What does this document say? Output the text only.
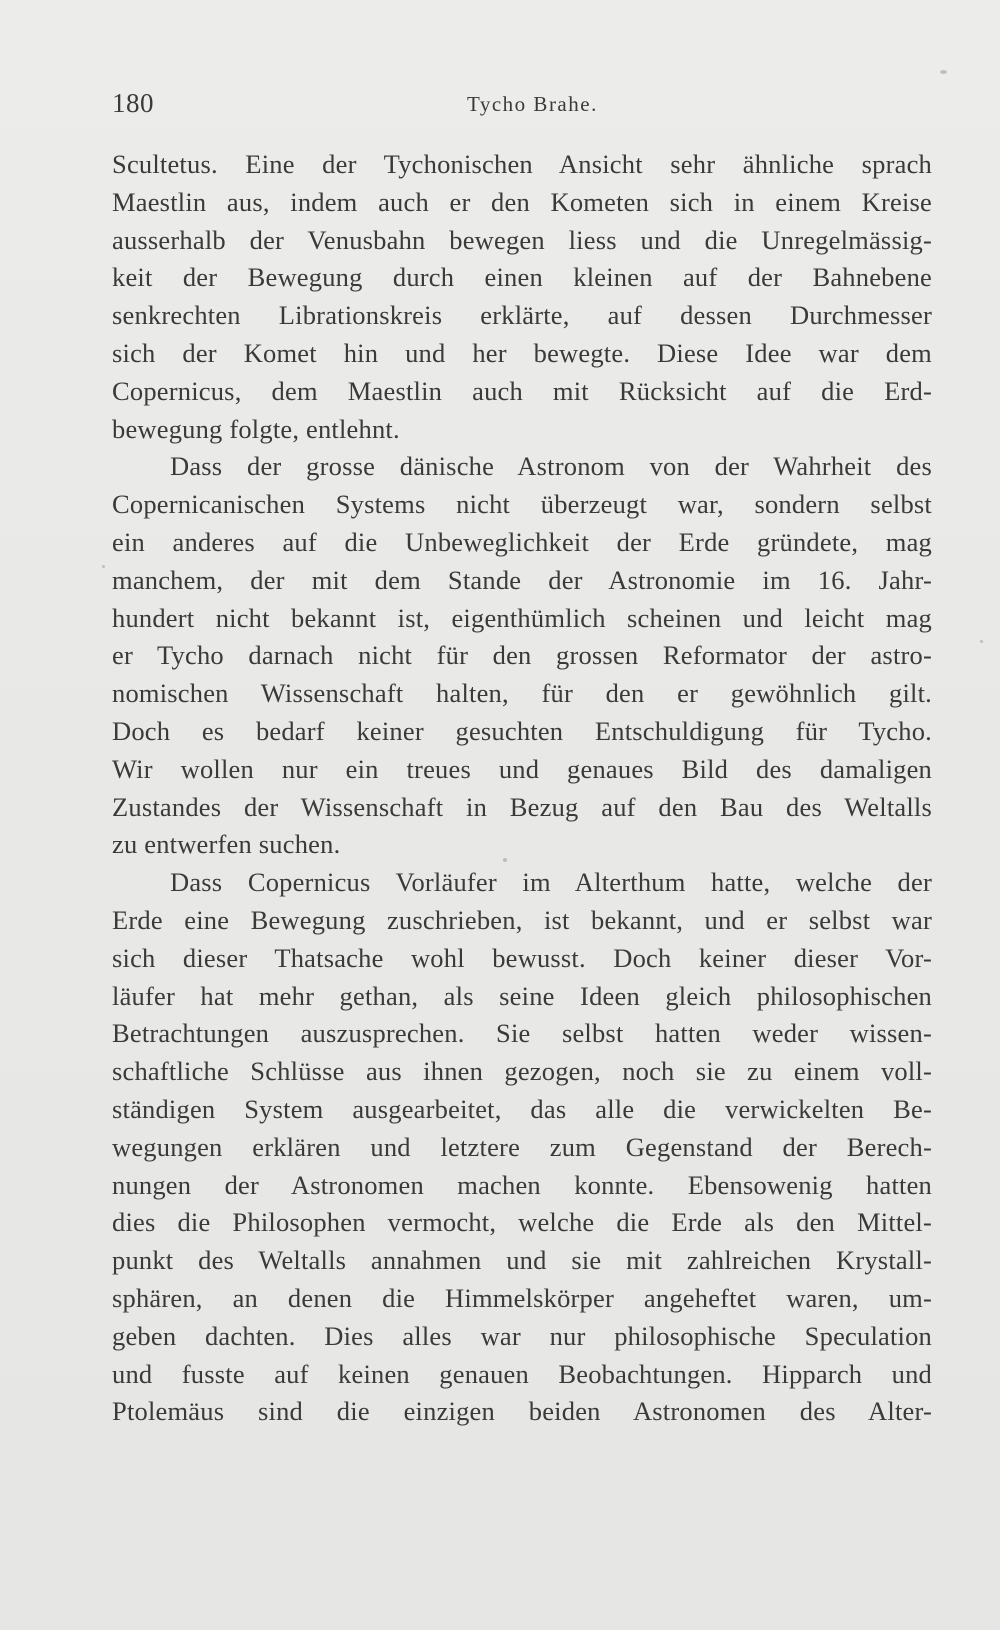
180	Tycho Brahe.
Scultetus. Eine der Tychonischen Ansicht sehr ähnliche sprach
Maestlin aus, indem auch er den Kometen sich in einem Kreise
ausserhalb der Venusbahn bewegen liess und die Unregelmässig-
keit der Bewegung durch einen kleinen auf der Bahnebene
senkrechten Librationskreis erklärte, auf dessen Durchmesser
sich der Komet hin und her bewegte. Diese Idee war dem
Copernicus, dem Maestlin auch mit Rücksicht auf die Erd-
bewegung folgte, entlehnt.
Dass der grosse dänische Astronom von der Wahrheit des
Copernicanischen Systems nicht überzeugt war, sondern selbst
ein anderes auf die Unbeweglichkeit der Erde gründete, mag
manchem, der mit dem Stande der Astronomie im 16. Jahr-
hundert nicht bekannt ist, eigenthümlich scheinen und leicht mag
er Tycho darnach nicht für den grossen Reformator der astro-
nomischen Wissenschaft halten, für den er gewöhnlich gilt.
Doch es bedarf keiner gesuchten Entschuldigung für Tycho.
Wir wollen nur ein treues und genaues Bild des damaligen
Zustandes der Wissenschaft in Bezug auf den Bau des Weltalls
zu entwerfen suchen.
Dass Copernicus Vorläufer im Alterthum hatte, welche der
Erde eine Bewegung zuschrieben, ist bekannt, und er selbst war
sich dieser Thatsache wohl bewusst. Doch keiner dieser Vor-
läufer hat mehr gethan, als seine Ideen gleich philosophischen
Betrachtungen auszusprechen. Sie selbst hatten weder wissen-
schaftliche Schlüsse aus ihnen gezogen, noch sie zu einem voll-
ständigen System ausgearbeitet, das alle die verwickelten Be-
wegungen erklären und letztere zum Gegenstand der Berech-
nungen der Astronomen machen konnte. Ebensowenig hatten
dies die Philosophen vermocht, welche die Erde als den Mittel-
punkt des Weltalls annahmen und sie mit zahlreichen Krystall-
sphären, an denen die Himmelskörper angeheftet waren, um-
geben dachten. Dies alles war nur philosophische Speculation
und fusste auf keinen genauen Beobachtungen. Hipparch und
Ptolemäus sind die einzigen beiden Astronomen des Alter-
